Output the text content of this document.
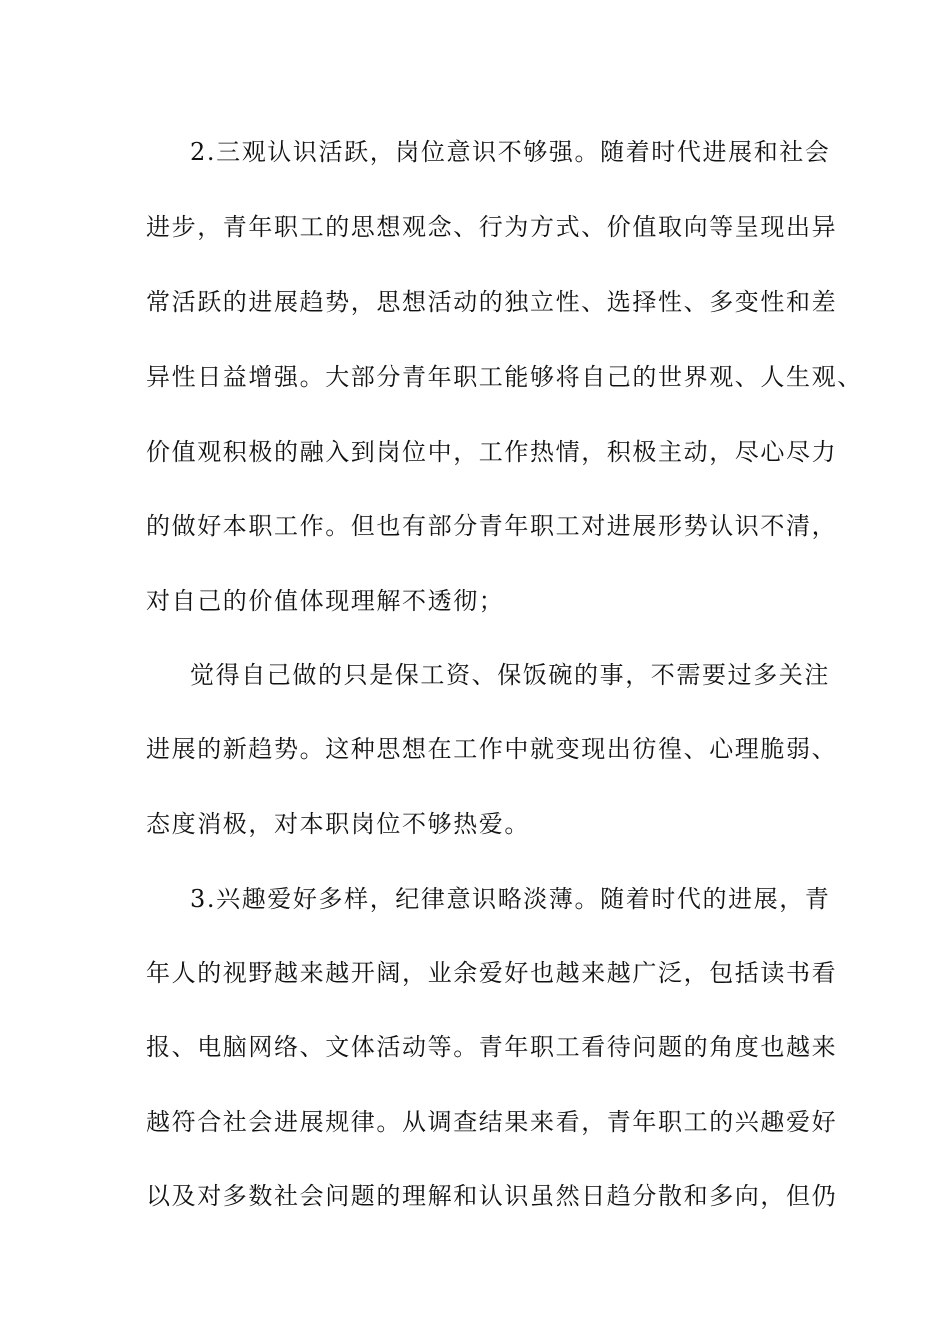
2.三观认识活跃，岗位意识不够强。随着时代进展和社会
进步，青年职工的思想观念、行为方式、价值取向等呈现出异
常活跃的进展趋势，思想活动的独立性、选择性、多变性和差
异性日益增强。大部分青年职工能够将自己的世界观、人生观、
价值观积极的融入到岗位中，工作热情，积极主动，尽心尽力
的做好本职工作。但也有部分青年职工对进展形势认识不清，
对自己的价值体现理解不透彻；
觉得自己做的只是保工资、保饭碗的事，不需要过多关注
进展的新趋势。这种思想在工作中就变现出彷徨、心理脆弱、
态度消极，对本职岗位不够热爱。
3.兴趣爱好多样，纪律意识略淡薄。随着时代的进展，青
年人的视野越来越开阔，业余爱好也越来越广泛，包括读书看
报、电脑网络、文体活动等。青年职工看待问题的角度也越来
越符合社会进展规律。从调查结果来看，青年职工的兴趣爱好
以及对多数社会问题的理解和认识虽然日趋分散和多向，但仍
